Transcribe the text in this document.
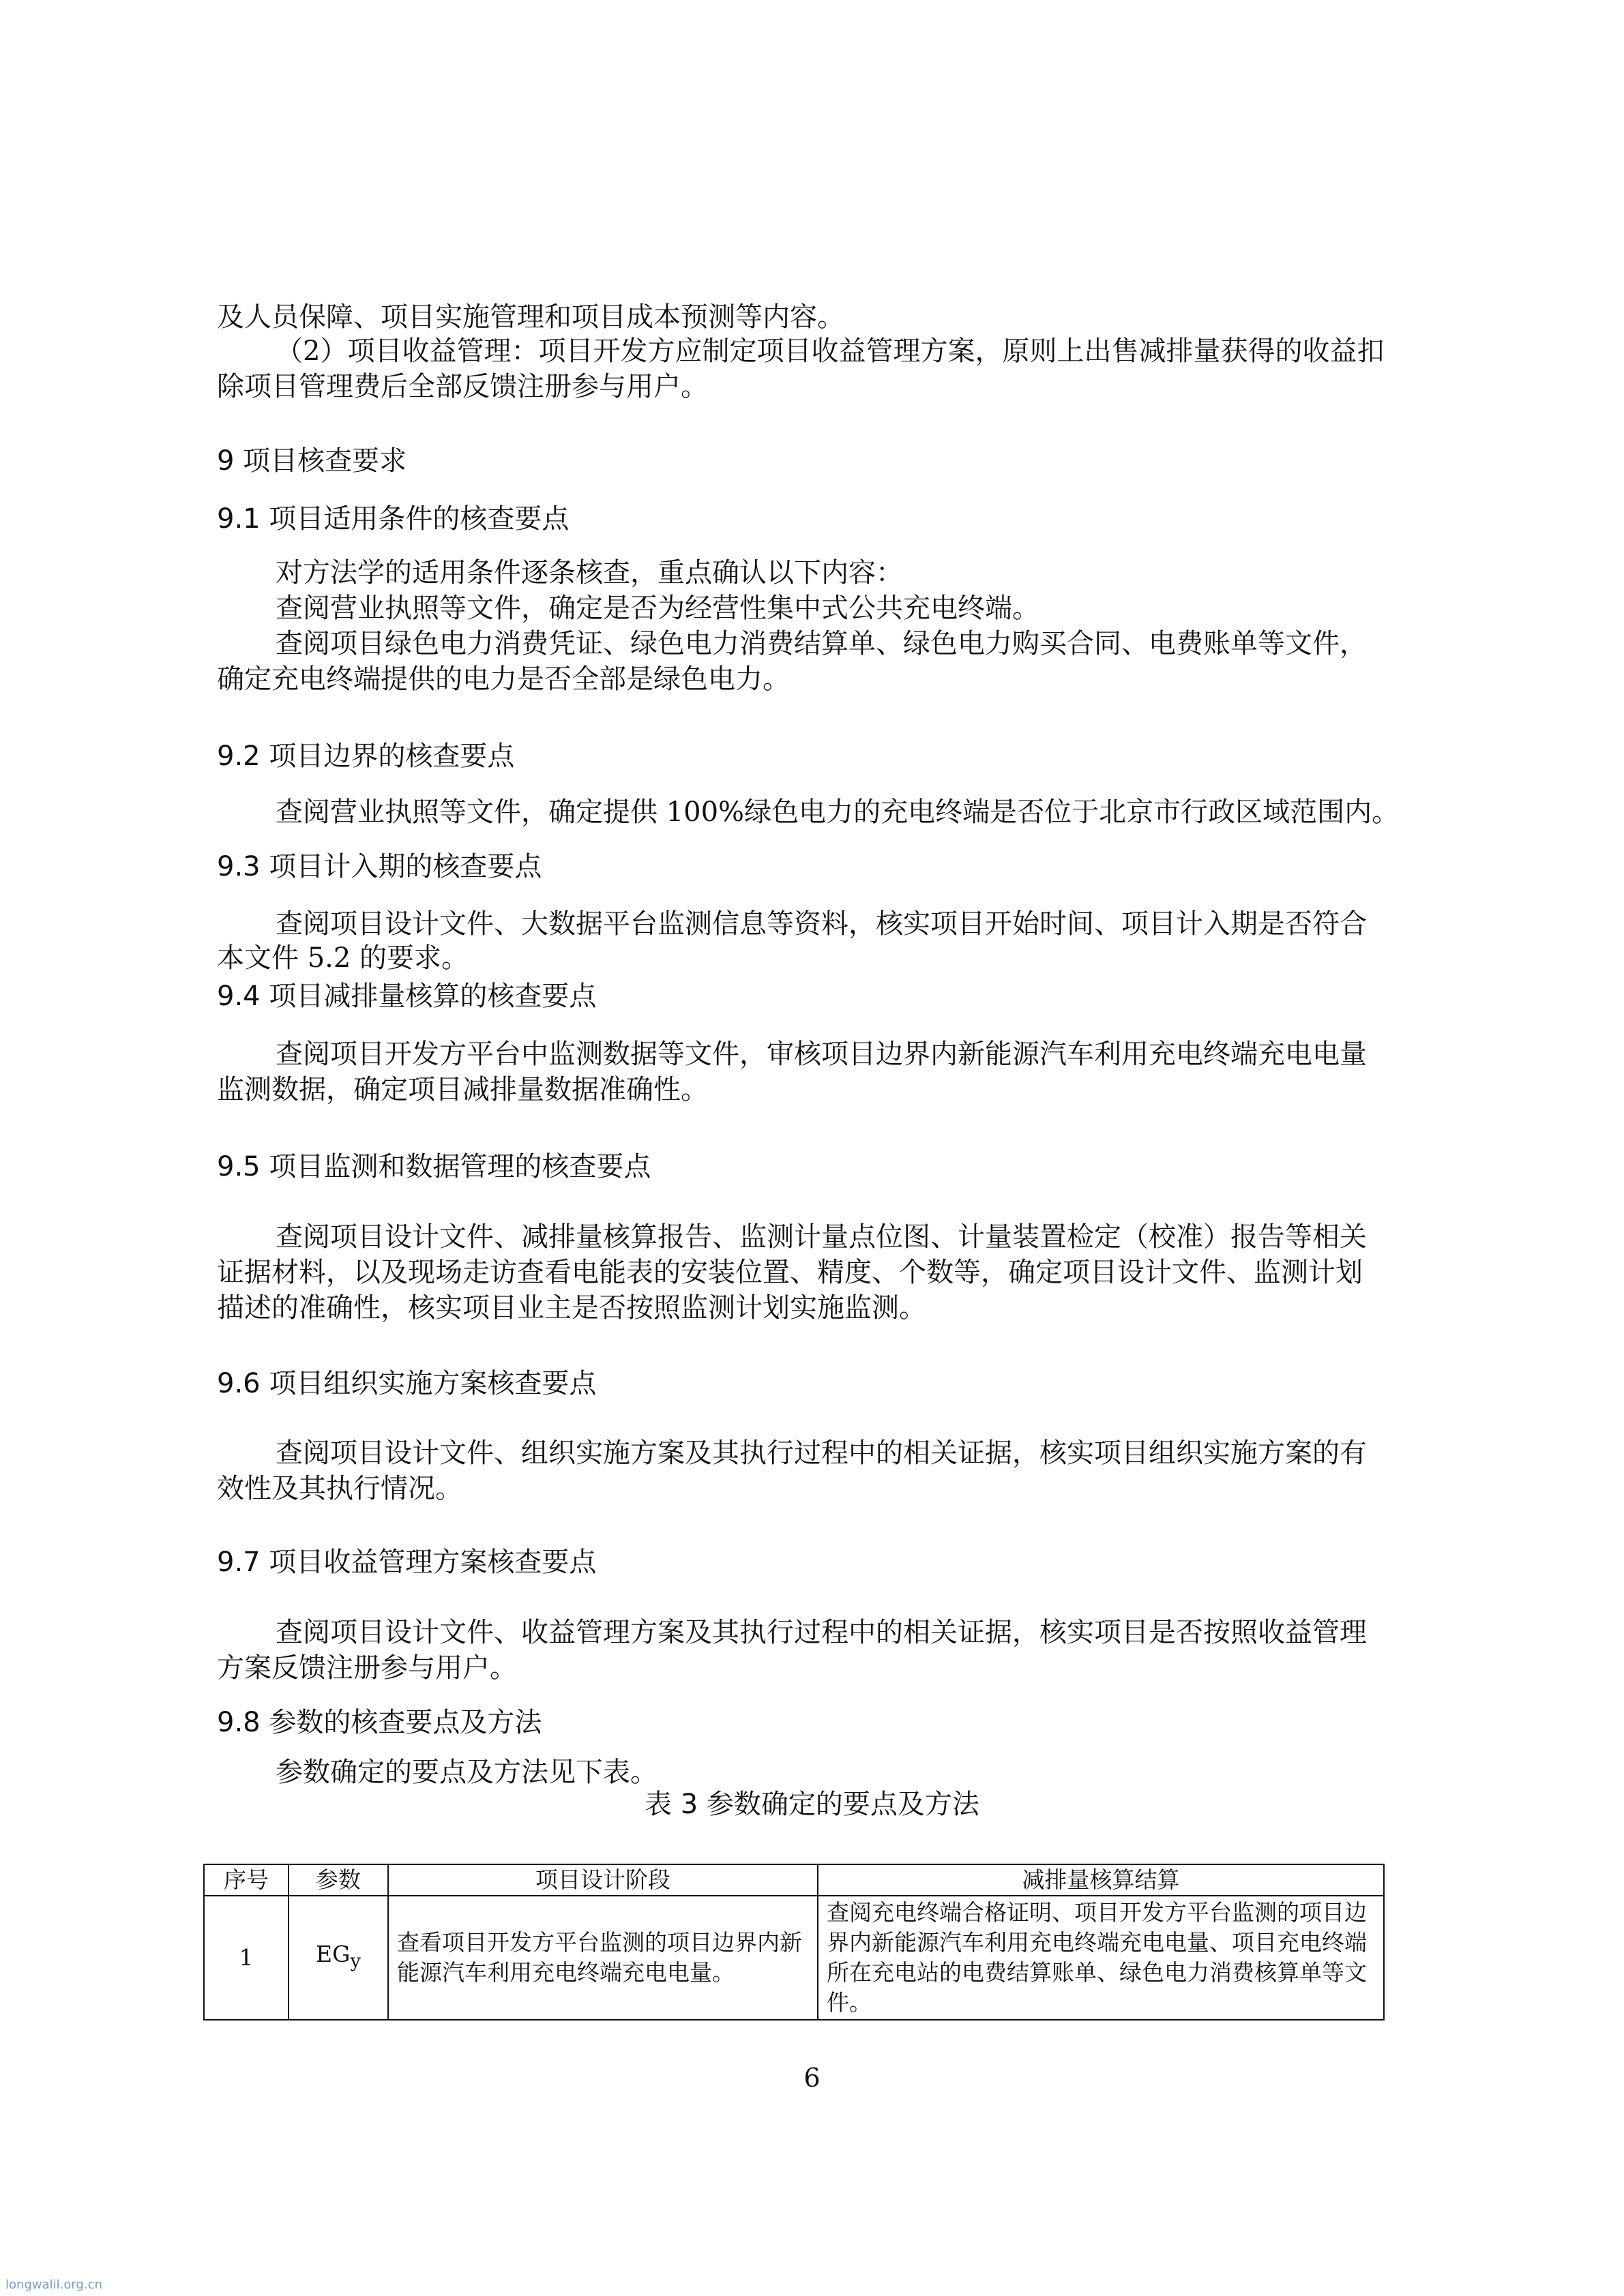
及人员保障、项目实施管理和项目成本预测等内容。
（2）项目收益管理：项目开发方应制定项目收益管理方案，原则上出售减排量获得的收益扣
除项目管理费后全部反馈注册参与用户。
9 项目核查要求
9.1 项目适用条件的核查要点
对方法学的适用条件逐条核查，重点确认以下内容：
查阅营业执照等文件，确定是否为经营性集中式公共充电终端。
查阅项目绿色电力消费凭证、绿色电力消费结算单、绿色电力购买合同、电费账单等文件，
确定充电终端提供的电力是否全部是绿色电力。
9.2 项目边界的核查要点
查阅营业执照等文件，确定提供 100%绿色电力的充电终端是否位于北京市行政区域范围内。
9.3 项目计入期的核查要点
查阅项目设计文件、大数据平台监测信息等资料，核实项目开始时间、项目计入期是否符合
本文件 5.2 的要求。
9.4 项目减排量核算的核查要点
查阅项目开发方平台中监测数据等文件，审核项目边界内新能源汽车利用充电终端充电电量
监测数据，确定项目减排量数据准确性。
9.5 项目监测和数据管理的核查要点
查阅项目设计文件、减排量核算报告、监测计量点位图、计量装置检定（校准）报告等相关
证据材料，以及现场走访查看电能表的安装位置、精度、个数等，确定项目设计文件、监测计划
描述的准确性，核实项目业主是否按照监测计划实施监测。
9.6 项目组织实施方案核查要点
查阅项目设计文件、组织实施方案及其执行过程中的相关证据，核实项目组织实施方案的有
效性及其执行情况。
9.7 项目收益管理方案核查要点
查阅项目设计文件、收益管理方案及其执行过程中的相关证据，核实项目是否按照收益管理
方案反馈注册参与用户。
9.8 参数的核查要点及方法
参数确定的要点及方法见下表。
表 3 参数确定的要点及方法
序号	参数	项目设计阶段	减排量核算结算
1	$EG_y$	查看项目开发方平台监测的项目边界内新能源汽车利用充电终端充电电量。	查阅充电终端合格证明、项目开发方平台监测的项目边界内新能源汽车利用充电终端充电电量、项目充电终端所在充电站的电费结算账单、绿色电力消费核算单等文件。
6
longwalil.org.cn
